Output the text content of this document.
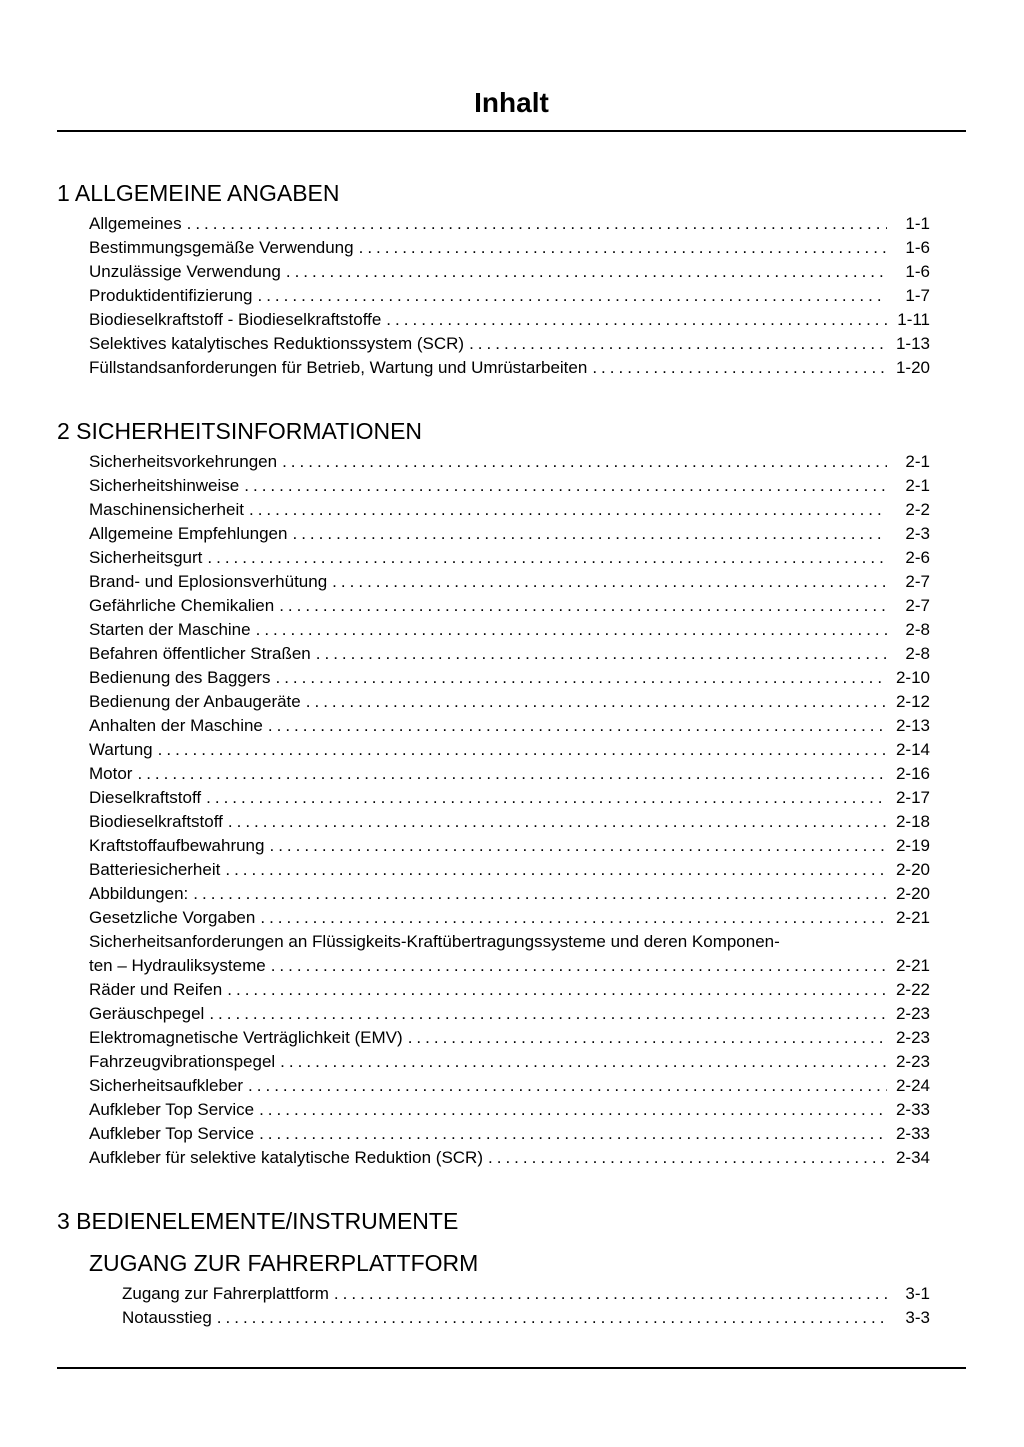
Inhalt
1 ALLGEMEINE ANGABEN
Allgemeines .....	1-1
Bestimmungsgemäße Verwendung .....	1-6
Unzulässige Verwendung .....	1-6
Produktidentifizierung .....	1-7
Biodieselkraftstoff - Biodieselkraftstoffe .....	1-11
Selektives katalytisches Reduktionssystem (SCR) .....	1-13
Füllstandsanforderungen für Betrieb, Wartung und Umrüstarbeiten .....	1-20
2 SICHERHEITSINFORMATIONEN
Sicherheitsvorkehrungen .....	2-1
Sicherheitshinweise .....	2-1
Maschinensicherheit .....	2-2
Allgemeine Empfehlungen .....	2-3
Sicherheitsgurt .....	2-6
Brand- und Eplosionsverhütung .....	2-7
Gefährliche Chemikalien .....	2-7
Starten der Maschine .....	2-8
Befahren öffentlicher Straßen .....	2-8
Bedienung des Baggers .....	2-10
Bedienung der Anbaugeräte .....	2-12
Anhalten der Maschine .....	2-13
Wartung .....	2-14
Motor .....	2-16
Dieselkraftstoff .....	2-17
Biodieselkraftstoff .....	2-18
Kraftstoffaufbewahrung .....	2-19
Batteriesicherheit .....	2-20
Abbildungen: .....	2-20
Gesetzliche Vorgaben .....	2-21
Sicherheitsanforderungen an Flüssigkeits-Kraftübertragungssysteme und deren Komponen-
ten – Hydrauliksysteme .....	2-21
Räder und Reifen .....	2-22
Geräuschpegel .....	2-23
Elektromagnetische Verträglichkeit (EMV) .....	2-23
Fahrzeugvibrationspegel .....	2-23
Sicherheitsaufkleber .....	2-24
Aufkleber Top Service .....	2-33
Aufkleber Top Service .....	2-33
Aufkleber für selektive katalytische Reduktion (SCR) .....	2-34
3 BEDIENELEMENTE/INSTRUMENTE
ZUGANG ZUR FAHRERPLATTFORM
Zugang zur Fahrerplattform .....	3-1
Notausstieg .....	3-3
